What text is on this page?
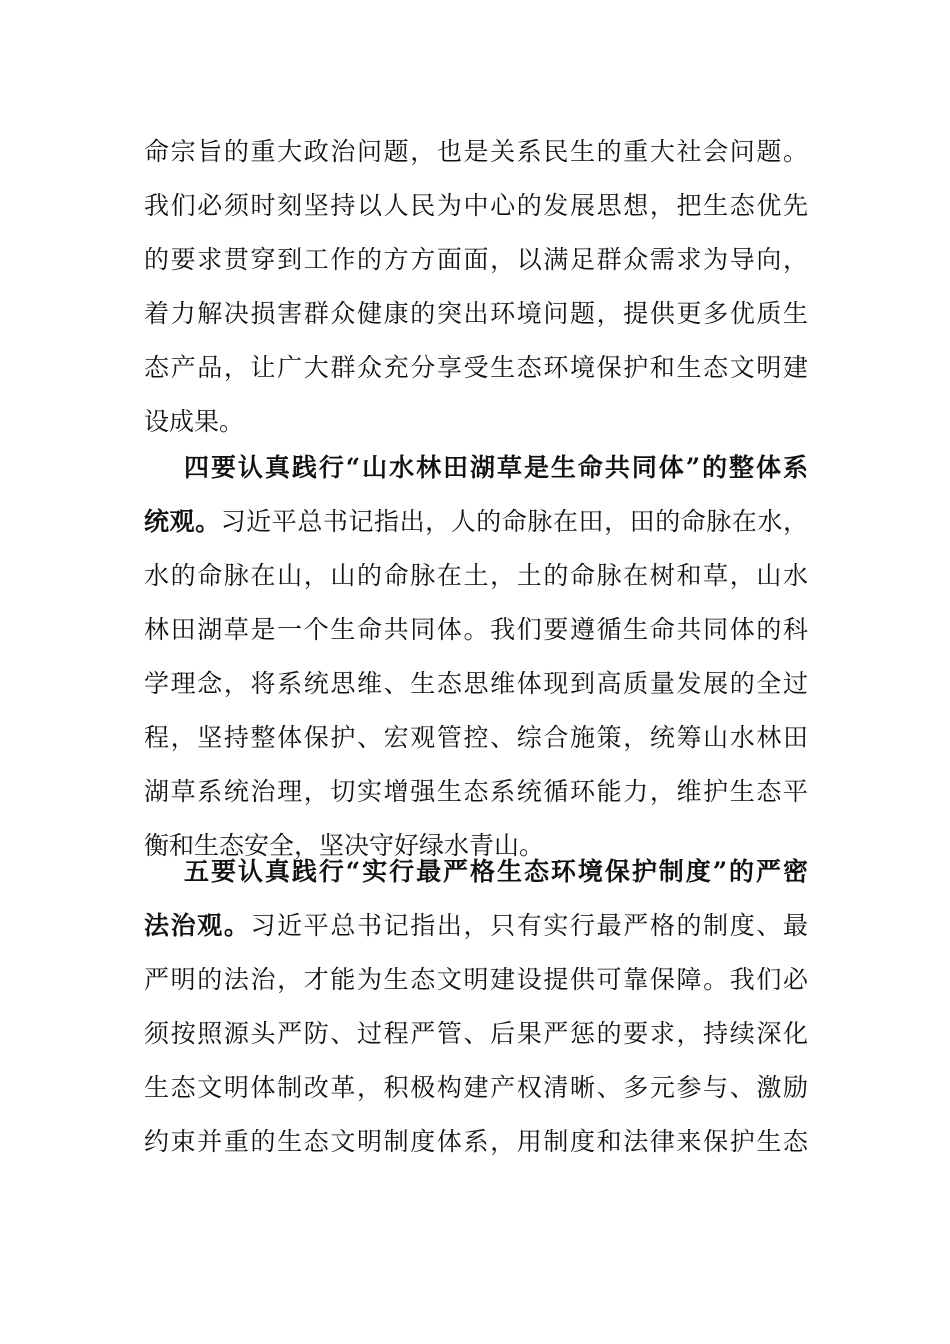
命宗旨的重大政治问题，也是关系民生的重大社会问题。
我们必须时刻坚持以人民为中心的发展思想，把生态优先
的要求贯穿到工作的方方面面，以满足群众需求为导向，
着力解决损害群众健康的突出环境问题，提供更多优质生
态产品，让广大群众充分享受生态环境保护和生态文明建
设成果。
四要认真践行“山水林田湖草是生命共同体”的整体系
统观。习近平总书记指出，人的命脉在田，田的命脉在水，
水的命脉在山，山的命脉在土，土的命脉在树和草，山水
林田湖草是一个生命共同体。我们要遵循生命共同体的科
学理念，将系统思维、生态思维体现到高质量发展的全过
程，坚持整体保护、宏观管控、综合施策，统筹山水林田
湖草系统治理，切实增强生态系统循环能力，维护生态平
衡和生态安全，坚决守好绿水青山。
五要认真践行“实行最严格生态环境保护制度”的严密
法治观。习近平总书记指出，只有实行最严格的制度、最
严明的法治，才能为生态文明建设提供可靠保障。我们必
须按照源头严防、过程严管、后果严惩的要求，持续深化
生态文明体制改革，积极构建产权清晰、多元参与、激励
约束并重的生态文明制度体系，用制度和法律来保护生态
